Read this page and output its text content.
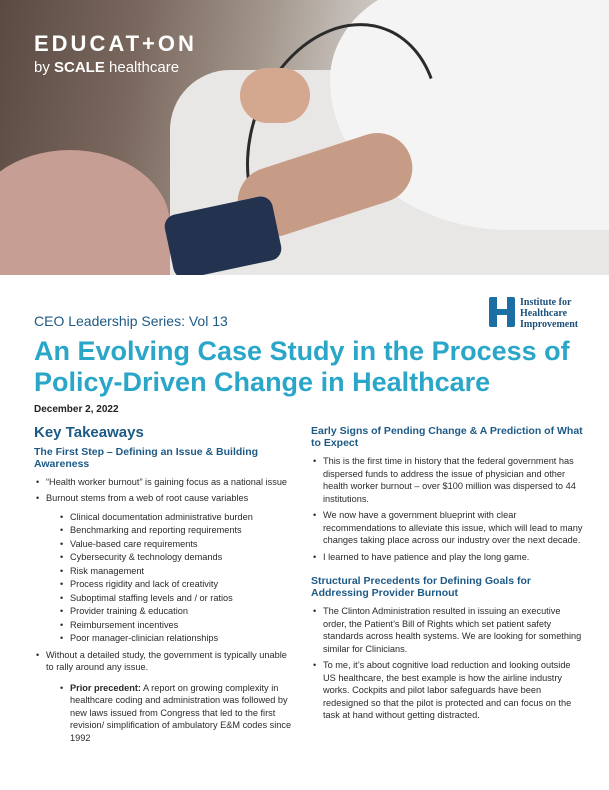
EDUCAT+ON
by SCALE healthcare
Institute for
Healthcare
Improvement
CEO Leadership Series: Vol 13
An Evolving Case Study in the Process of Policy-Driven Change in Healthcare
December 2, 2022
Key Takeaways
The First Step – Defining an Issue & Building Awareness
• “Health worker burnout” is gaining focus as a national issue
• Burnout stems from a web of root cause variables
• Clinical documentation administrative burden
• Benchmarking and reporting requirements
• Value-based care requirements
• Cybersecurity & technology demands
• Risk management
• Process rigidity and lack of creativity
• Suboptimal staffing levels and / or ratios
• Provider training & education
• Reimbursement incentives
• Poor manager-clinician relationships
• Without a detailed study, the government is typically unable to rally around any issue.
• Prior precedent: A report on growing complexity in healthcare coding and administration was followed by new laws issued from Congress that led to the first revision/ simplification of ambulatory E&M codes since 1992
Early Signs of Pending Change & A Prediction of What to Expect
• This is the first time in history that the federal government has dispersed funds to address the issue of physician and other health worker burnout – over $100 million was dispersed to 44 institutions.
• We now have a government blueprint with clear recommendations to alleviate this issue, which will lead to many changes taking place across our industry over the next decade.
• I learned to have patience and play the long game.
Structural Precedents for Defining Goals for Addressing Provider Burnout
• The Clinton Administration resulted in issuing an executive order, the Patient’s Bill of Rights which set patient safety standards across health systems. We are looking for something similar for Clinicians.
• To me, it’s about cognitive load reduction and looking outside US healthcare, the best example is how the airline industry works. Cockpits and pilot labor safeguards have been redesigned so that the pilot is protected and can focus on the task at hand without getting distracted.
